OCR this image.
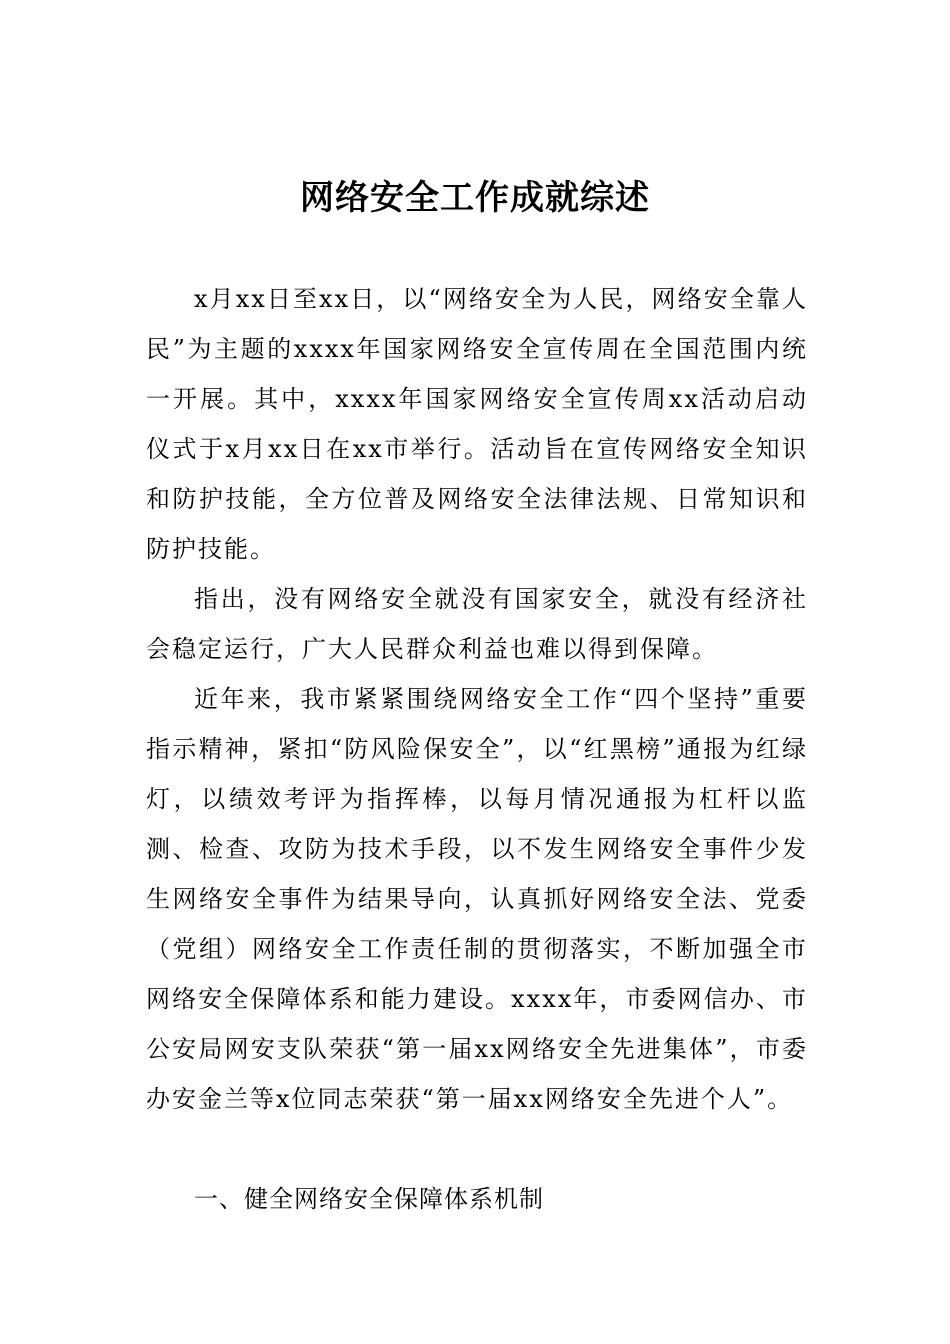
网络安全工作成就综述

x月xx日至xx日，以“网络安全为人民，网络安全靠人民”为主题的xxxx年国家网络安全宣传周在全国范围内统一开展。其中，xxxx年国家网络安全宣传周xx活动启动仪式于x月xx日在xx市举行。活动旨在宣传网络安全知识和防护技能，全方位普及网络安全法律法规、日常知识和防护技能。

指出，没有网络安全就没有国家安全，就没有经济社会稳定运行，广大人民群众利益也难以得到保障。

近年来，我市紧紧围绕网络安全工作“四个坚持”重要指示精神，紧扣“防风险保安全”，以“红黑榜”通报为红绿灯，以绩效考评为指挥棒，以每月情况通报为杠杆以监测、检查、攻防为技术手段，以不发生网络安全事件少发生网络安全事件为结果导向，认真抓好网络安全法、党委（党组）网络安全工作责任制的贯彻落实，不断加强全市网络安全保障体系和能力建设。xxxx年，市委网信办、市公安局网安支队荣获“第一届xx网络安全先进集体”，市委办安金兰等x位同志荣获“第一届xx网络安全先进个人”。

一、健全网络安全保障体系机制
